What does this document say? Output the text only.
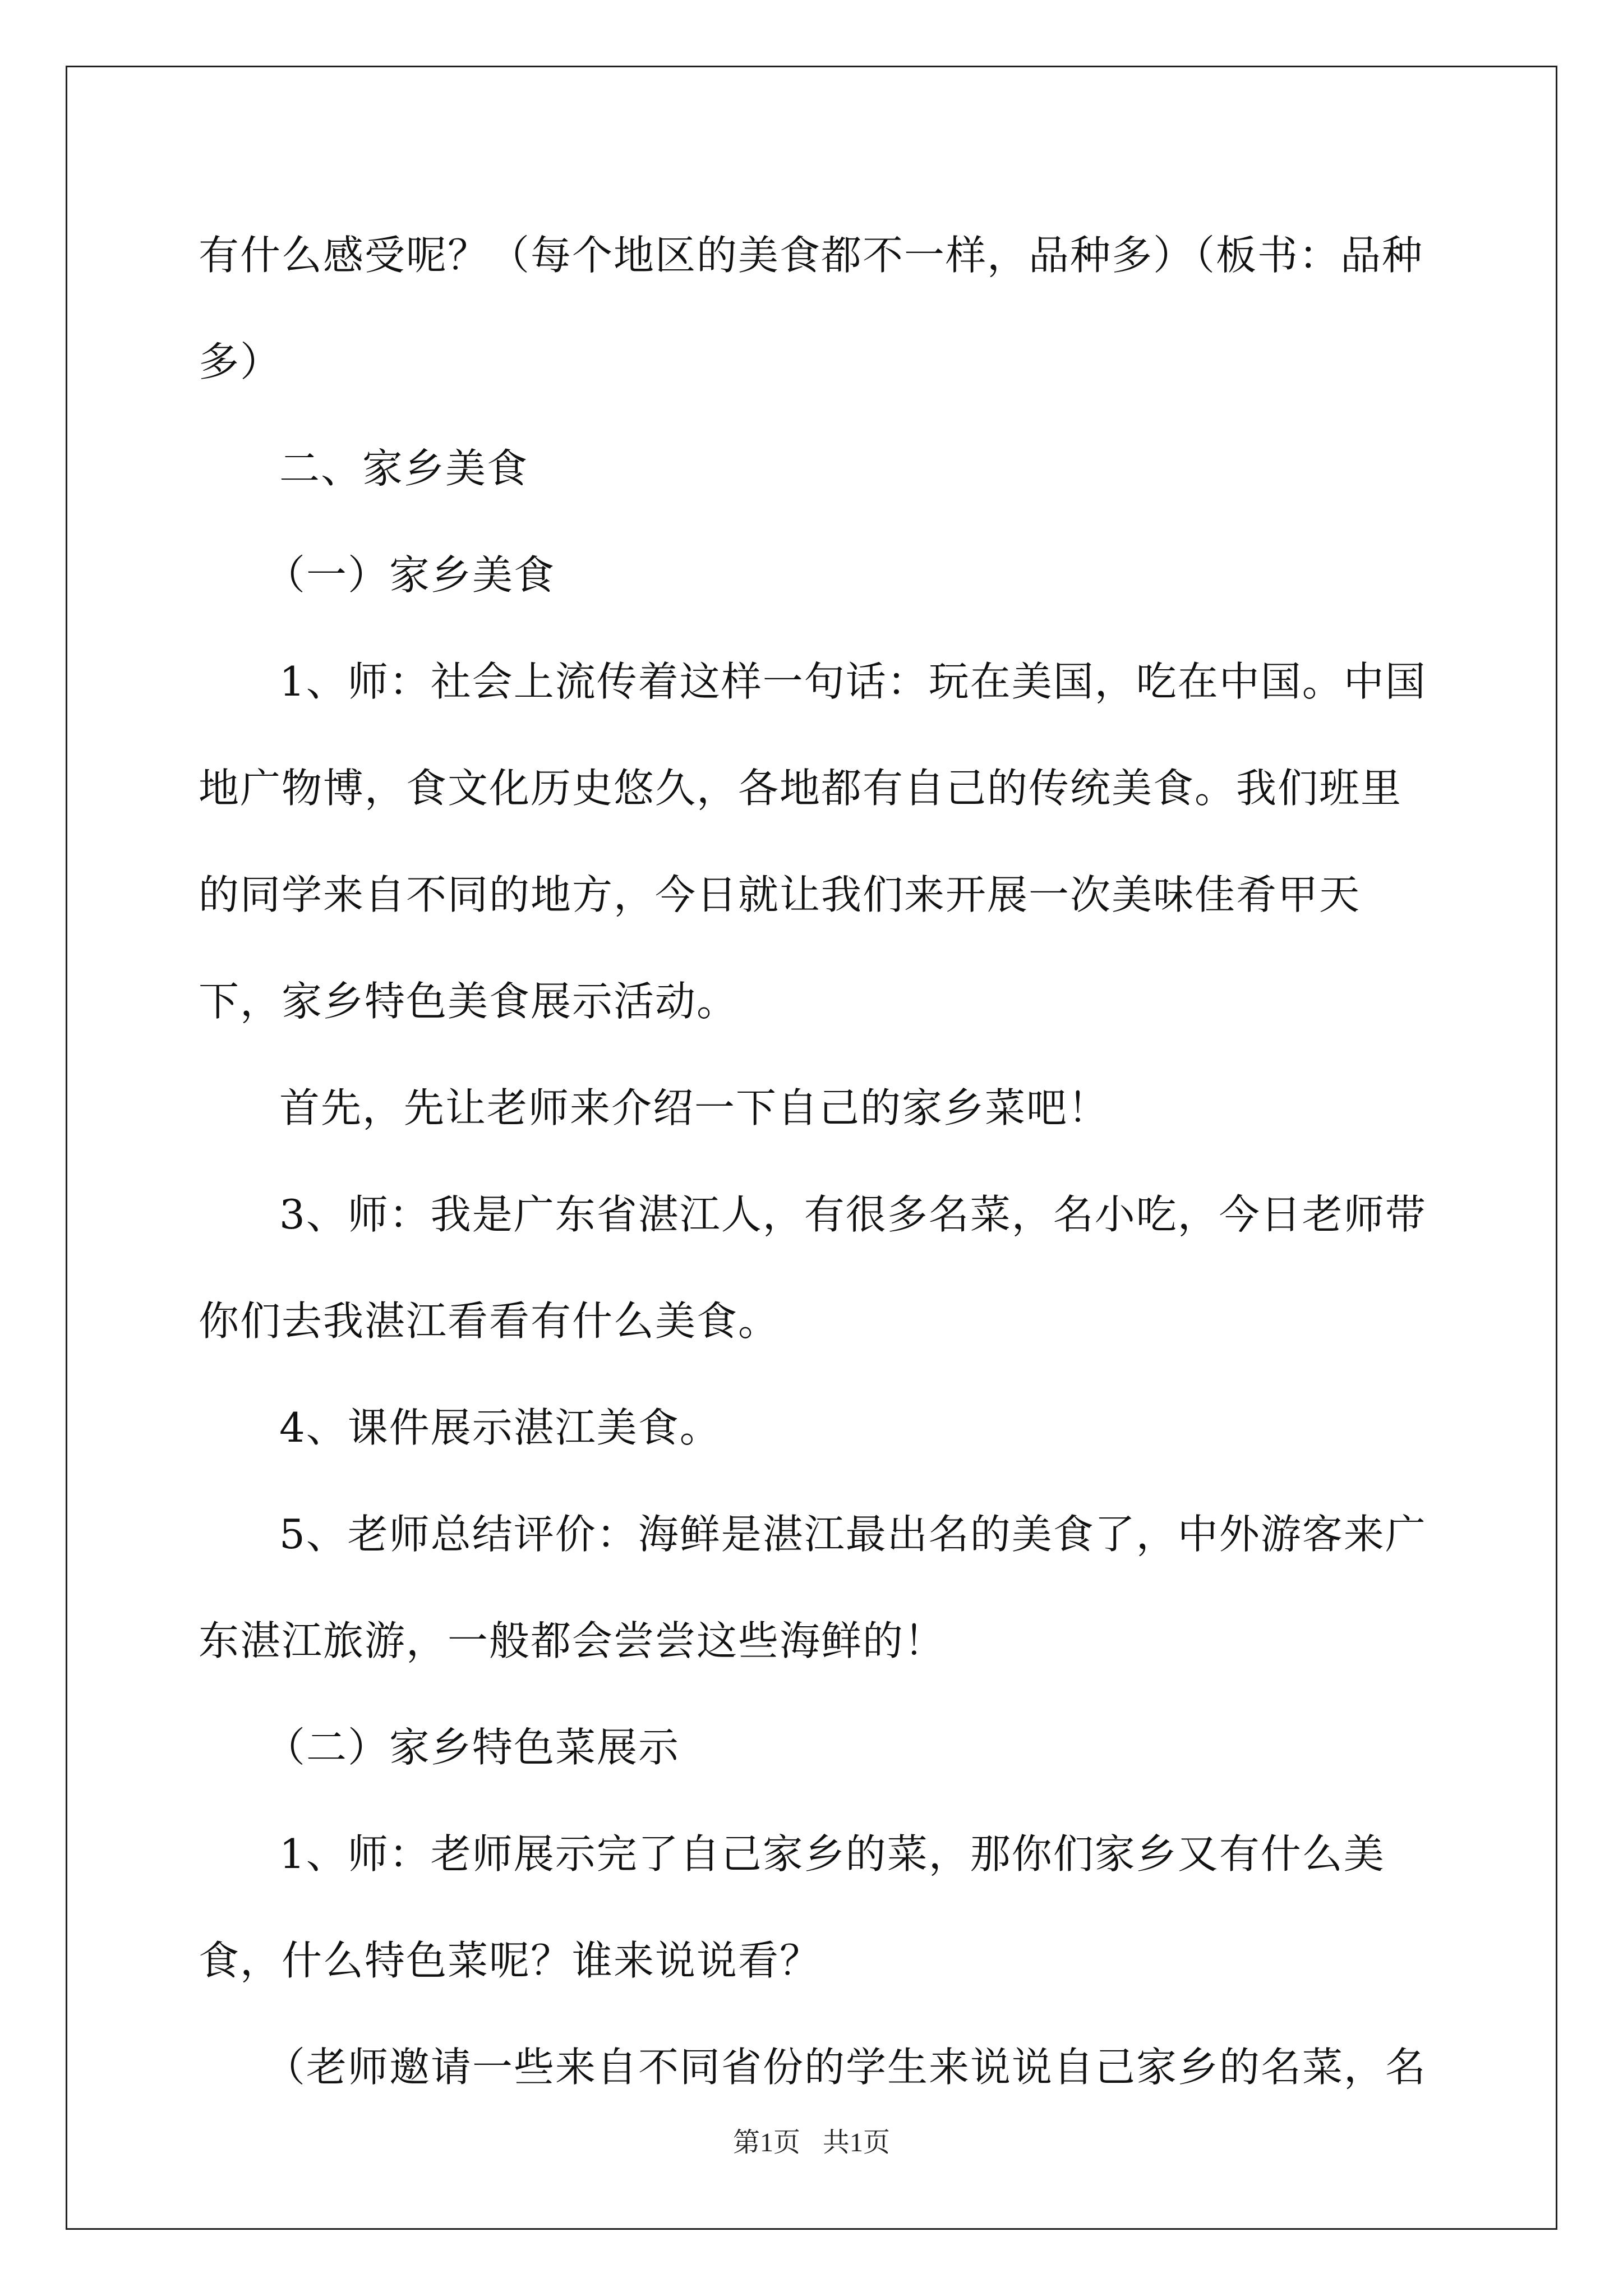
有什么感受呢？（每个地区的美食都不一样，品种多）（板书：品种多）

二、家乡美食

（一）家乡美食

1、师：社会上流传着这样一句话：玩在美国，吃在中国。中国地广物博，食文化历史悠久，各地都有自己的传统美食。我们班里的同学来自不同的地方，今日就让我们来开展一次美味佳肴甲天下，家乡特色美食展示活动。

首先，先让老师来介绍一下自己的家乡菜吧！

3、师：我是广东省湛江人，有很多名菜，名小吃，今日老师带你们去我湛江看看有什么美食。

4、课件展示湛江美食。

5、老师总结评价：海鲜是湛江最出名的美食了，中外游客来广东湛江旅游，一般都会尝尝这些海鲜的！

（二）家乡特色菜展示

1、师：老师展示完了自己家乡的菜，那你们家乡又有什么美食，什么特色菜呢？谁来说说看？

（老师邀请一些来自不同省份的学生来说说自己家乡的名菜，名

第1页 共1页
